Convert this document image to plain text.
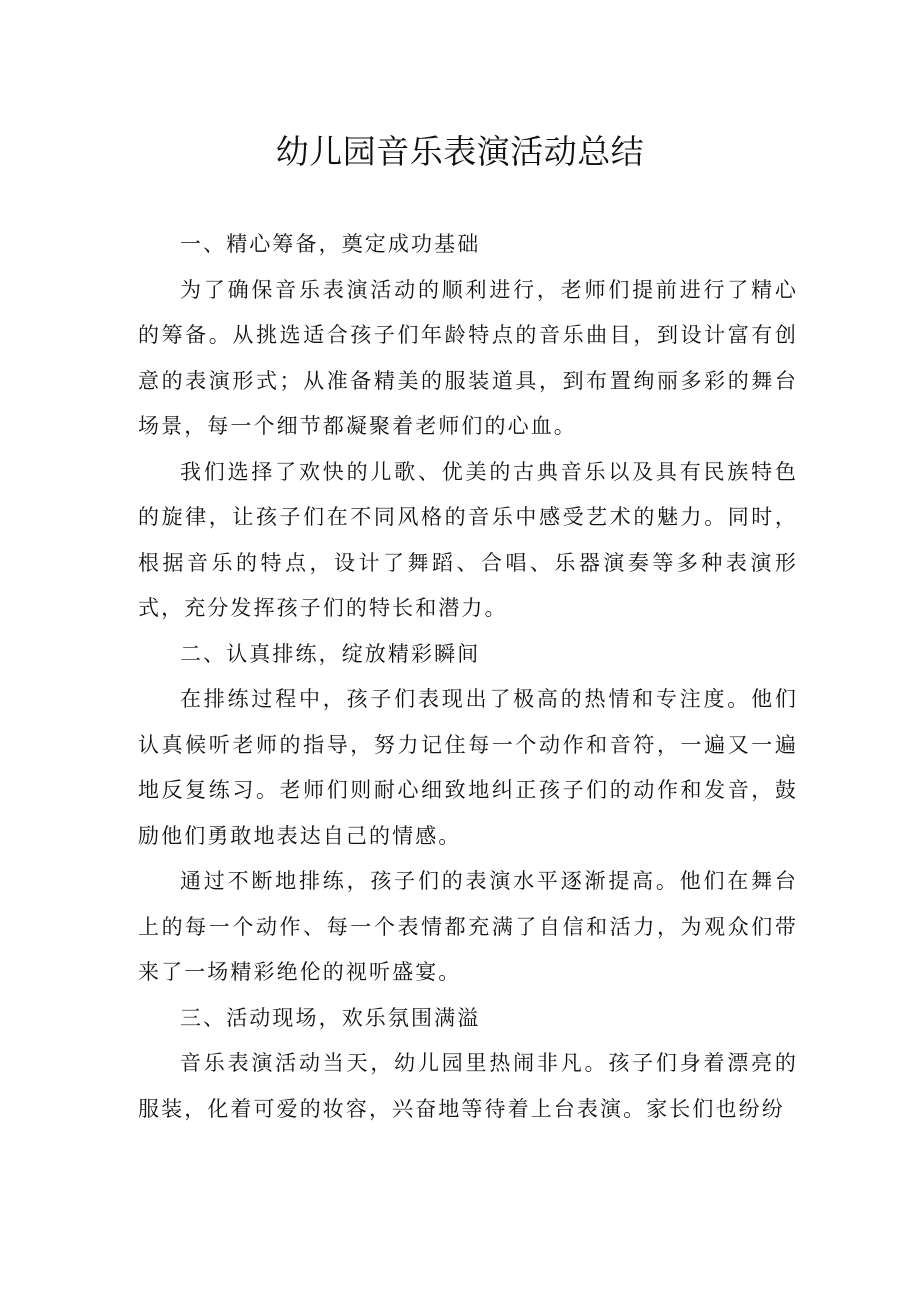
幼儿园音乐表演活动总结

一、精心筹备，奠定成功基础

为了确保音乐表演活动的顺利进行，老师们提前进行了精心的筹备。从挑选适合孩子们年龄特点的音乐曲目，到设计富有创意的表演形式；从准备精美的服装道具，到布置绚丽多彩的舞台场景，每一个细节都凝聚着老师们的心血。

我们选择了欢快的儿歌、优美的古典音乐以及具有民族特色的旋律，让孩子们在不同风格的音乐中感受艺术的魅力。同时，根据音乐的特点，设计了舞蹈、合唱、乐器演奏等多种表演形式，充分发挥孩子们的特长和潜力。

二、认真排练，绽放精彩瞬间

在排练过程中，孩子们表现出了极高的热情和专注度。他们认真候听老师的指导，努力记住每一个动作和音符，一遍又一遍地反复练习。老师们则耐心细致地纠正孩子们的动作和发音，鼓励他们勇敢地表达自己的情感。

通过不断地排练，孩子们的表演水平逐渐提高。他们在舞台上的每一个动作、每一个表情都充满了自信和活力，为观众们带来了一场精彩绝伦的视听盛宴。

三、活动现场，欢乐氛围满溢

音乐表演活动当天，幼儿园里热闹非凡。孩子们身着漂亮的服装，化着可爱的妆容，兴奋地等待着上台表演。家长们也纷纷
